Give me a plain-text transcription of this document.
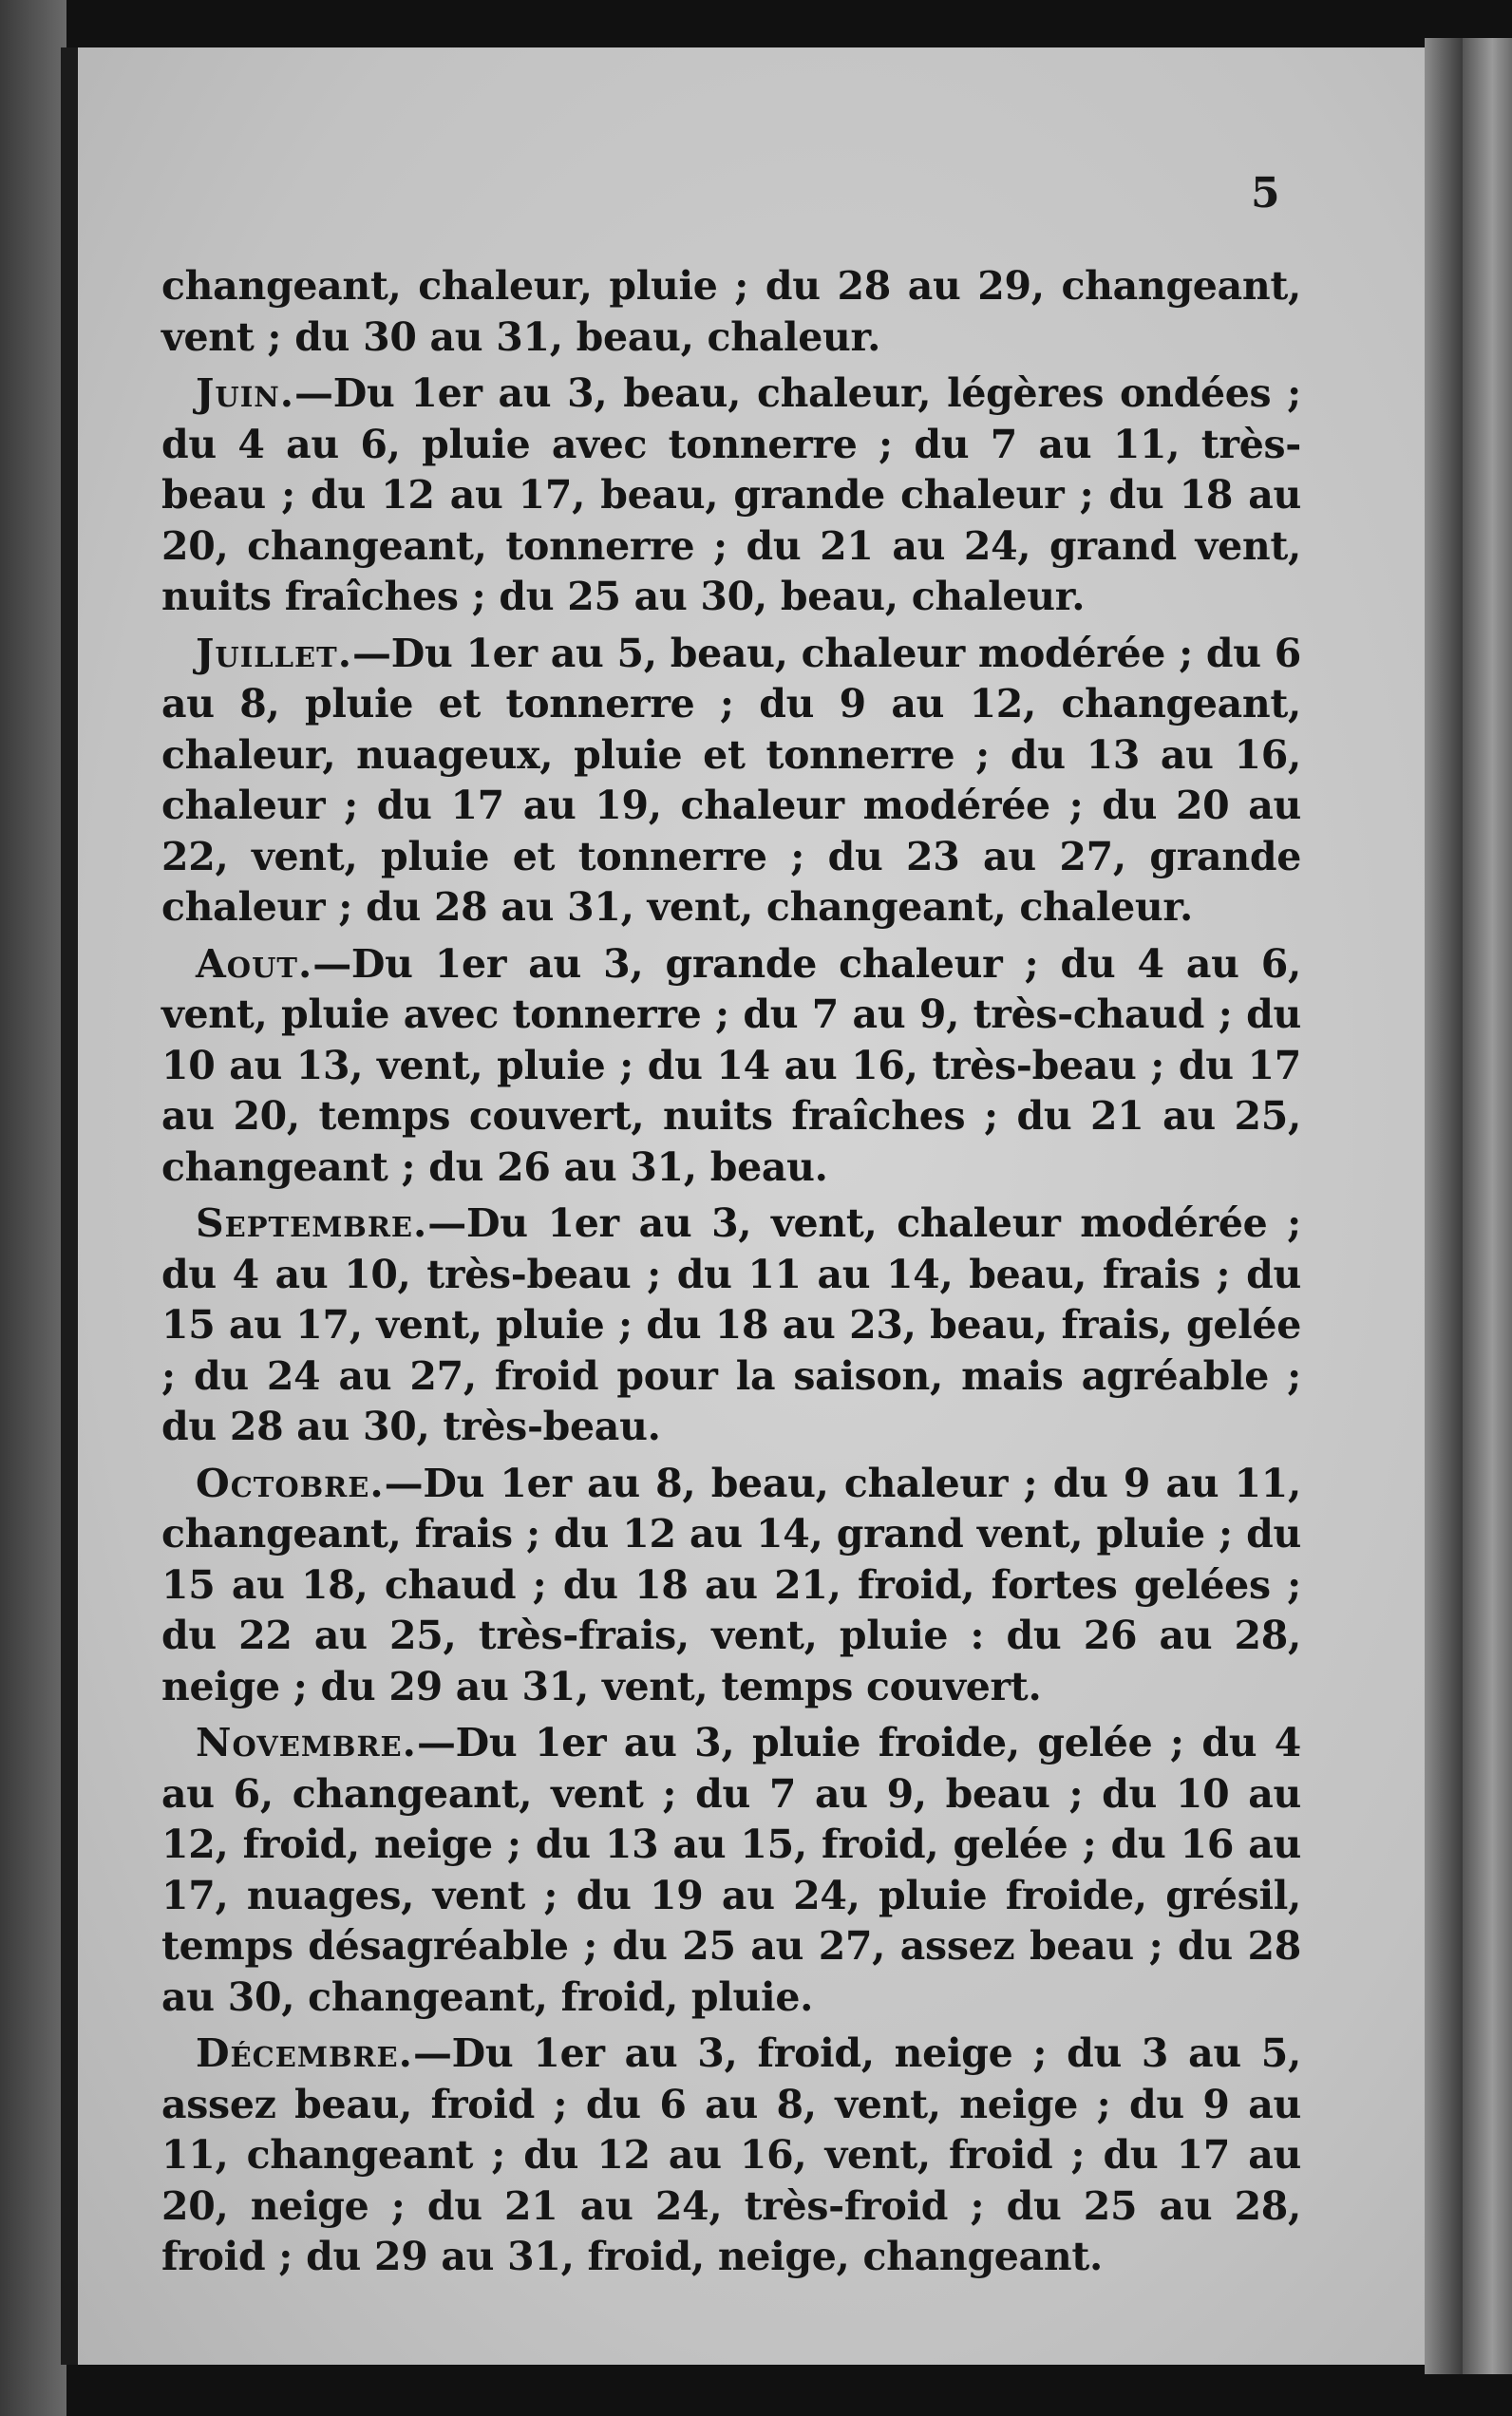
5

changeant, chaleur, pluie ; du 28 au 29, changeant, vent ; du 30 au 31, beau, chaleur.

Juin.—Du 1er au 3, beau, chaleur, légères ondées ; du 4 au 6, pluie avec tonnerre ; du 7 au 11, très-beau ; du 12 au 17, beau, grande chaleur ; du 18 au 20, changeant, tonnerre ; du 21 au 24, grand vent, nuits fraîches ; du 25 au 30, beau, chaleur.

Juillet.—Du 1er au 5, beau, chaleur modérée ; du 6 au 8, pluie et tonnerre ; du 9 au 12, changeant, chaleur, nuageux, pluie et tonnerre ; du 13 au 16, chaleur ; du 17 au 19, chaleur modérée ; du 20 au 22, vent, pluie et tonnerre ; du 23 au 27, grande chaleur ; du 28 au 31, vent, changeant, chaleur.

Aout.—Du 1er au 3, grande chaleur ; du 4 au 6, vent, pluie avec tonnerre ; du 7 au 9, très-chaud ; du 10 au 13, vent, pluie ; du 14 au 16, très-beau ; du 17 au 20, temps couvert, nuits fraîches ; du 21 au 25, changeant ; du 26 au 31, beau.

Septembre.—Du 1er au 3, vent, chaleur modérée ; du 4 au 10, très-beau ; du 11 au 14, beau, frais ; du 15 au 17, vent, pluie ; du 18 au 23, beau, frais, gelée ; du 24 au 27, froid pour la saison, mais agréable ; du 28 au 30, très-beau.

Octobre.—Du 1er au 8, beau, chaleur ; du 9 au 11, changeant, frais ; du 12 au 14, grand vent, pluie ; du 15 au 18, chaud ; du 18 au 21, froid, fortes gelées ; du 22 au 25, très-frais, vent, pluie : du 26 au 28, neige ; du 29 au 31, vent, temps couvert.

Novembre.—Du 1er au 3, pluie froide, gelée ; du 4 au 6, changeant, vent ; du 7 au 9, beau ; du 10 au 12, froid, neige ; du 13 au 15, froid, gelée ; du 16 au 17, nuages, vent ; du 19 au 24, pluie froide, grésil, temps désagréable ; du 25 au 27, assez beau ; du 28 au 30, changeant, froid, pluie.

Décembre.—Du 1er au 3, froid, neige ; du 3 au 5, assez beau, froid ; du 6 au 8, vent, neige ; du 9 au 11, changeant ; du 12 au 16, vent, froid ; du 17 au 20, neige ; du 21 au 24, très-froid ; du 25 au 28, froid ; du 29 au 31, froid, neige, changeant.
